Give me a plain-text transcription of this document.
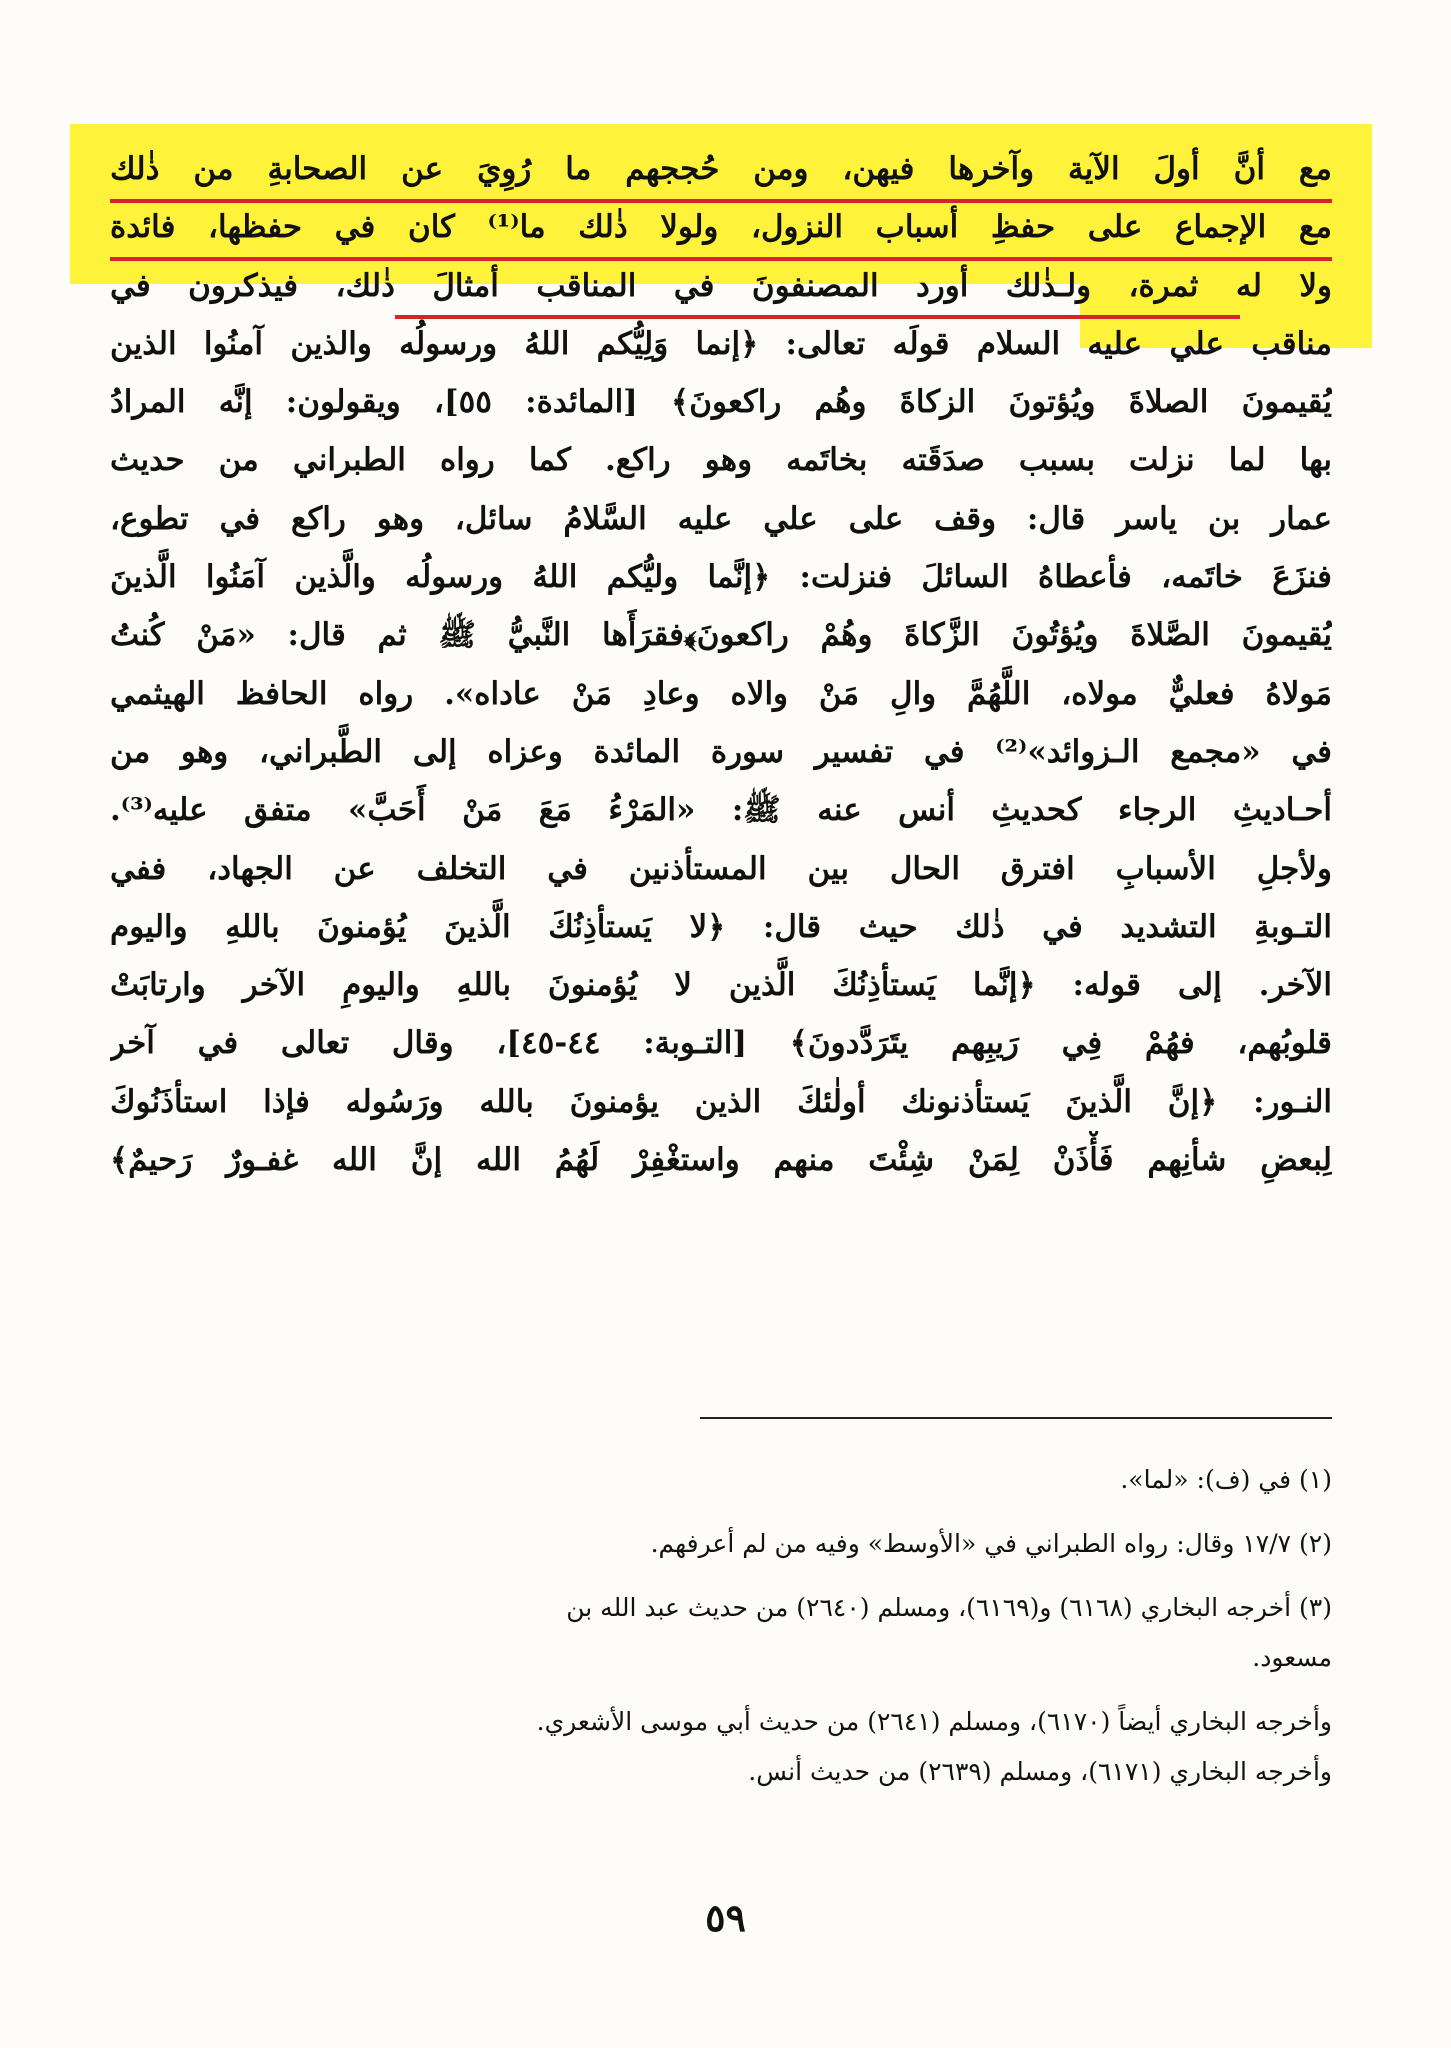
مع أنَّ أولَ الآية وآخرها فيهن، ومن حُججهم ما رُوِيَ عن الصحابةِ من ذٰلك
مع الإجماع على حفظِ أسباب النزول، ولولا ذٰلك ما⁽¹⁾ كان في حفظها، فائدة
ولا له ثمرة، ولـذٰلك أورد المصنفونَ في المناقب أمثالَ ذٰلك، فيذكرون في
مناقب علي عليه السلام قولَه تعالى: ﴿إنما وَلِيُّكم اللهُ ورسولُه والذين آمنُوا الذين
يُقيمونَ الصلاةَ ويُؤتونَ الزكاةَ وهُم راكعونَ﴾ [المائدة: ٥٥]، ويقولون: إنَّه المرادُ
بها لما نزلت بسبب صدَقَته بخاتَمه وهو راكع. كما رواه الطبراني من حديث
عمار بن ياسر قال: وقف على علي عليه السَّلامُ سائل، وهو راكع في تطوع،
فنزَعَ خاتَمه، فأعطاهُ السائلَ فنزلت: ﴿إنَّما وليُّكم اللهُ ورسولُه والَّذين آمَنُوا الَّذينَ
يُقيمونَ الصَّلاةَ ويُؤتُونَ الزَّكاةَ وهُمْ راكعونَ﴾فقرَأَها النَّبيُّ ﷺ ثم قال: «مَنْ كُنتُ
مَولاهُ فعليٌّ مولاه، اللَّهُمَّ والِ مَنْ والاه وعادِ مَنْ عاداه». رواه الحافظ الهيثمي
في «مجمع الـزوائد»⁽²⁾ في تفسير سورة المائدة وعزاه إلى الطَّبراني، وهو من
أحـاديثِ الرجاء كحديثِ أنس عنه ﷺ: «المَرْءُ مَعَ مَنْ أَحَبَّ» متفق عليه⁽³⁾.
ولأجلِ الأسبابِ افترق الحال بين المستأذنين في التخلف عن الجهاد، ففي
التـوبةِ التشديد في ذٰلك حيث قال: ﴿لا يَستأذِنُكَ الَّذينَ يُؤمنونَ باللهِ واليوم
الآخر. إلى قوله: ﴿إنَّما يَستأذِنُكَ الَّذين لا يُؤمنونَ باللهِ واليومِ الآخر وارتابَتْ
قلوبُهم، فهُمْ فِي رَيبِهم يتَرَدَّدونَ﴾ [التـوبة: ٤٤-٤٥]، وقال تعالى في آخر
النـور: ﴿إنَّ الَّذينَ يَستأذنونك أولٰئكَ الذين يؤمنونَ بالله ورَسُوله فإذا استأذَنُوكَ
لِبعضِ شأنِهم فَأْذَنْ لِمَنْ شِئْتَ منهم واستغْفِرْ لَهُمُ الله إنَّ الله غفـورٌ رَحيمٌ﴾
(١) في (ف): «لما».
(٢) ١٧/٧ وقال: رواه الطبراني في «الأوسط» وفيه من لم أعرفهم.
(٣) أخرجه البخاري (٦١٦٨) و(٦١٦٩)، ومسلم (٢٦٤٠) من حديث عبد الله بن
مسعود.
وأخرجه البخاري أيضاً (٦١٧٠)، ومسلم (٢٦٤١) من حديث أبي موسى الأشعري.
وأخرجه البخاري (٦١٧١)، ومسلم (٢٦٣٩) من حديث أنس.
٥٩
